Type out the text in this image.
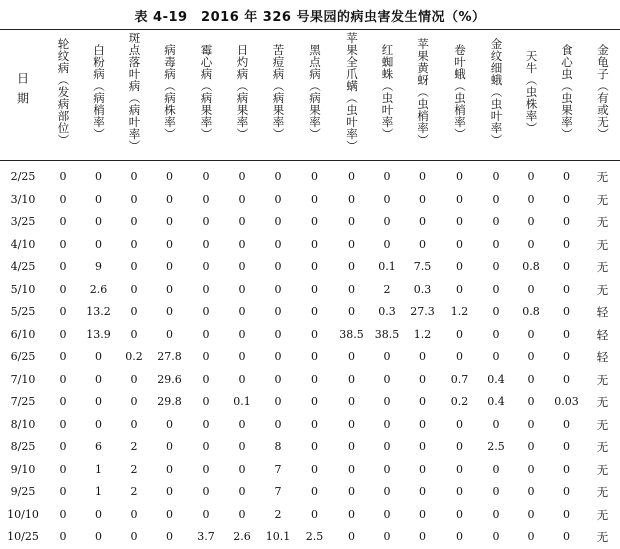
表 4-19　2016 年 326 号果园的病虫害发生情况（%）
日期	轮纹病（发病部位）	白粉病（病梢率）	斑点落叶病（病叶率）	病毒病（病株率）	霉心病（病果率）	日灼病（病果率）	苦痘病（病果率）	黑点病（病果率）	苹果全爪螨（虫叶率）	红蜘蛛（虫叶率）	苹果黄蚜（虫梢率）	卷叶蛾（虫梢率）	金纹细蛾（虫叶率）	天牛（虫株率）	食心虫（虫果率）	金龟子（有或无）
2/25	0	0	0	0	0	0	0	0	0	0	0	0	0	0	0	无
3/10	0	0	0	0	0	0	0	0	0	0	0	0	0	0	0	无
3/25	0	0	0	0	0	0	0	0	0	0	0	0	0	0	0	无
4/10	0	0	0	0	0	0	0	0	0	0	0	0	0	0	0	无
4/25	0	9	0	0	0	0	0	0	0	0.1	7.5	0	0	0.8	0	无
5/10	0	2.6	0	0	0	0	0	0	0	2	0.3	0	0	0	0	无
5/25	0	13.2	0	0	0	0	0	0	0	0.3	27.3	1.2	0	0.8	0	轻
6/10	0	13.9	0	0	0	0	0	0	38.5	38.5	1.2	0	0	0	0	轻
6/25	0	0	0.2	27.8	0	0	0	0	0	0	0	0	0	0	0	轻
7/10	0	0	0	29.6	0	0	0	0	0	0	0	0.7	0.4	0	0	无
7/25	0	0	0	29.8	0	0.1	0	0	0	0	0	0.2	0.4	0	0.03	无
8/10	0	0	0	0	0	0	0	0	0	0	0	0	0	0	0	无
8/25	0	6	2	0	0	0	8	0	0	0	0	0	2.5	0	0	无
9/10	0	1	2	0	0	0	7	0	0	0	0	0	0	0	0	无
9/25	0	1	2	0	0	0	7	0	0	0	0	0	0	0	0	无
10/10	0	0	0	0	0	0	2	0	0	0	0	0	0	0	0	无
10/25	0	0	0	0	3.7	2.6	10.1	2.5	0	0	0	0	0	0	0	无
